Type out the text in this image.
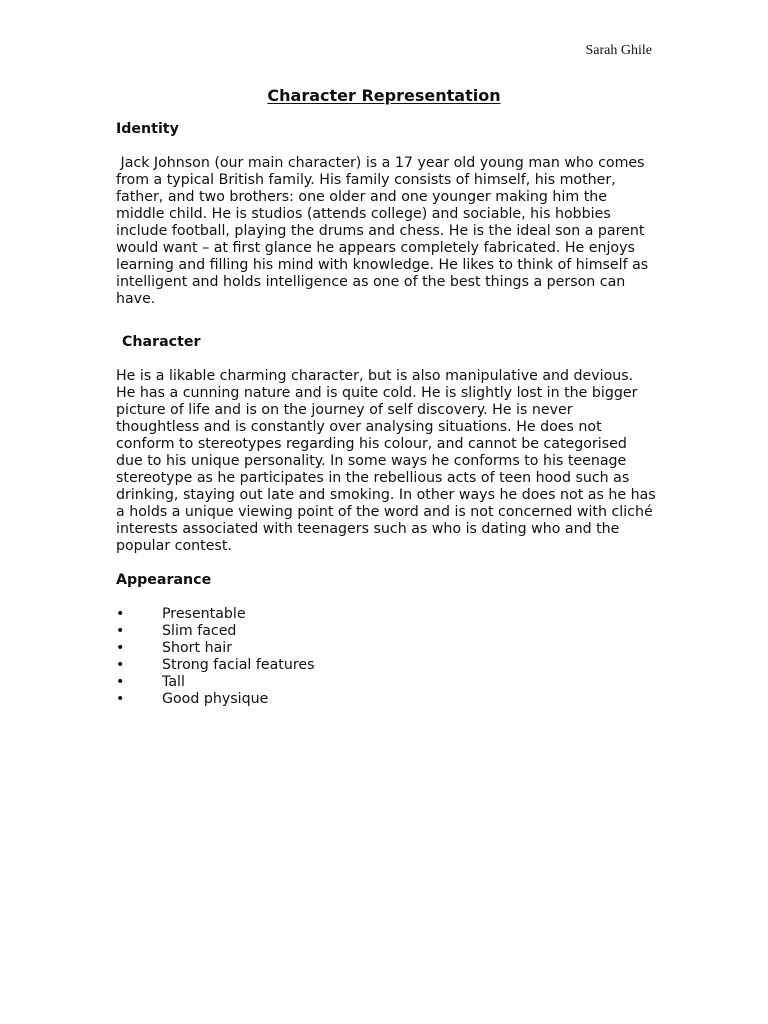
Sarah Ghile
Character Representation
Identity

Jack Johnson (our main character) is a 17 year old young man who comes from a typical British family. His family consists of himself, his mother, father, and two brothers: one older and one younger making him the middle child. He is studios (attends college) and sociable, his hobbies include football, playing the drums and chess. He is the ideal son a parent would want – at first glance he appears completely fabricated. He enjoys learning and filling his mind with knowledge. He likes to think of himself as intelligent and holds intelligence as one of the best things a person can have.

Character

He is a likable charming character, but is also manipulative and devious. He has a cunning nature and is quite cold. He is slightly lost in the bigger picture of life and is on the journey of self discovery. He is never thoughtless and is constantly over analysing situations. He does not conform to stereotypes regarding his colour, and cannot be categorised due to his unique personality. In some ways he conforms to his teenage stereotype as he participates in the rebellious acts of teen hood such as drinking, staying out late and smoking. In other ways he does not as he has a holds a unique viewing point of the word and is not concerned with cliché interests associated with teenagers such as who is dating who and the popular contest.

Appearance
•	Presentable
•	Slim faced
•	Short hair
•	Strong facial features
•	Tall
•	Good physique
